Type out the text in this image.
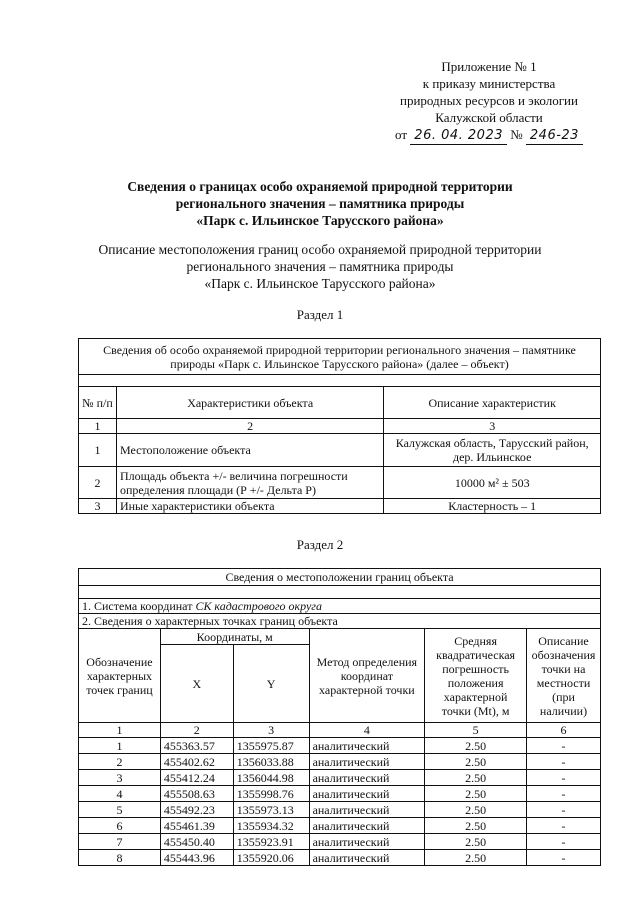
Приложение № 1
к приказу министерства
природных ресурсов и экологии
Калужской области
от 26. 04. 2023 № 246-23
Сведения о границах особо охраняемой природной территории
регионального значения – памятника природы
«Парк с. Ильинское Тарусского района»
Описание местоположения границ особо охраняемой природной территории
регионального значения – памятника природы
«Парк с. Ильинское Тарусского района»
Раздел 1
Сведения об особо охраняемой природной территории регионального значения – памятнике природы «Парк с. Ильинское Тарусского района» (далее – объект)		

№ п/п	Характеристики объекта	Описание характеристик
1	2	3
1	Местоположение объекта	Калужская область, Тарусский район, дер. Ильинское
2	Площадь объекта +/- величина погрешности определения площади (Р +/- Дельта Р)	10000 м² ± 503
3	Иные характеристики объекта	Кластерность – 1
Раздел 2
Сведения о местоположении границ объекта					

1. Система координат СК кадастрового округа					
2. Сведения о характерных точках границ объекта					
Обозначение характерных точек границ	Координаты, м		Метод определения координат характерной точки	Средняя квадратическая погрешность положения характерной точки (Mt), м	Описание обозначения точки на местности (при наличии)
	X	Y			
1	2	3	4	5	6
1	455363.57	1355975.87	аналитический	2.50	-
2	455402.62	1356033.88	аналитический	2.50	-
3	455412.24	1356044.98	аналитический	2.50	-
4	455508.63	1355998.76	аналитический	2.50	-
5	455492.23	1355973.13	аналитический	2.50	-
6	455461.39	1355934.32	аналитический	2.50	-
7	455450.40	1355923.91	аналитический	2.50	-
8	455443.96	1355920.06	аналитический	2.50	-
